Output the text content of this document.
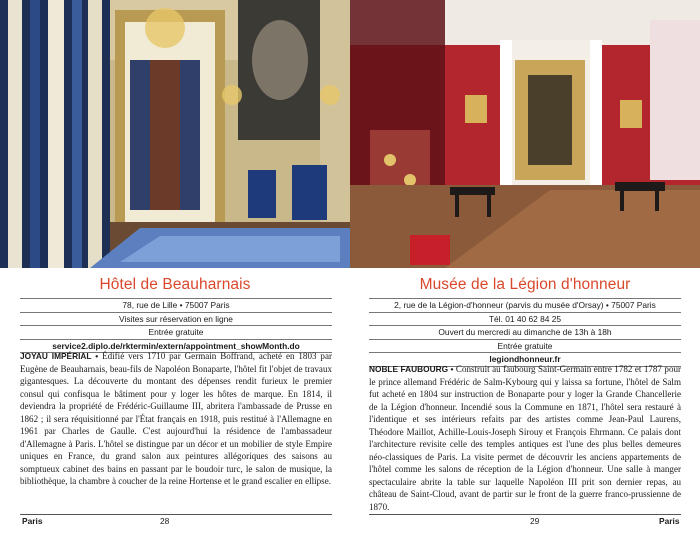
Hôtel de Beauharnais
78, rue de Lille • 75007 Paris
Visites sur réservation en ligne
Entrée gratuite
service2.diplo.de/rktermin/extern/appointment_showMonth.do
JOYAU IMPÉRIAL • Édifié vers 1710 par Germain Boffrand, acheté en 1803 par Eugène de Beauharnais, beau-fils de Napoléon Bonaparte, l'hôtel fit l'objet de travaux gigantesques. La découverte du montant des dépenses rendit furieux le premier consul qui confisqua le bâtiment pour y loger les hôtes de marque. En 1814, il deviendra la propriété de Frédéric-Guillaume III, abritera l'ambassade de Prusse en 1862 ; il sera réquisitionné par l'État français en 1918, puis restitué à l'Allemagne en 1961 par Charles de Gaulle. C'est aujourd'hui la résidence de l'ambassadeur d'Allemagne à Paris. L'hôtel se distingue par un décor et un mobilier de style Empire uniques en France, du grand salon aux peintures allégoriques des saisons au somptueux cabinet des bains en passant par le boudoir turc, le salon de musique, la bibliothèque, la chambre à coucher de la reine Hortense et le grand escalier en ellipse.
Paris	28
Musée de la Légion d'honneur
2, rue de la Légion-d'honneur (parvis du musée d'Orsay) • 75007 Paris
Tél. 01 40 62 84 25
Ouvert du mercredi au dimanche de 13h à 18h
Entrée gratuite
legiondhonneur.fr
NOBLE FAUBOURG • Construit au faubourg Saint-Germain entre 1782 et 1787 pour le prince allemand Frédéric de Salm-Kybourg qui y laissa sa fortune, l'hôtel de Salm fut acheté en 1804 sur instruction de Bonaparte pour y loger la Grande Chancellerie de la Légion d'honneur. Incendié sous la Commune en 1871, l'hôtel sera restauré à l'identique et ses intérieurs refaits par des artistes comme Jean-Paul Laurens, Théodore Maillot, Achille-Louis-Joseph Sirouy et François Ehrmann. Ce palais dont l'architecture revisite celle des temples antiques est l'une des plus belles demeures néo-classiques de Paris. La visite permet de découvrir les anciens appartements de l'hôtel comme les salons de réception de la Légion d'honneur. Une salle à manger spectaculaire abrite la table sur laquelle Napoléon III prit son dernier repas, au château de Saint-Cloud, avant de partir sur le front de la guerre franco-prussienne de 1870.
29	Paris
